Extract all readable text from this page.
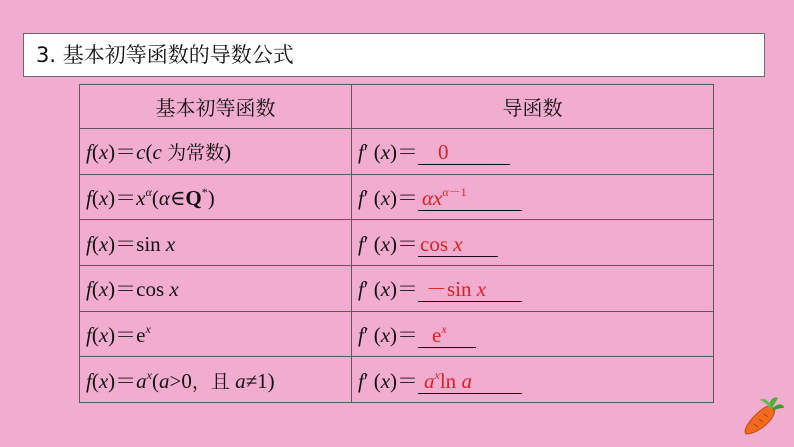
3. 基本初等函数的导数公式
基本初等函数	导函数
f(x)＝c(c 为常数)	f′ (x)＝ 0
$f(x)=x^\alpha(\alpha\in Q^*)$	f′ $(x)= \alpha x^{\alpha-1}$
f(x)＝sin x	f′ (x)＝cos x
f(x)＝cos x	f′ (x)＝ －sin x
$f(x)=e^x$	f′ $(x)= e^x$
$f(x)=a^x(a>0$，且 a≠1)	f′ $(x)= a^x\ln$ a
